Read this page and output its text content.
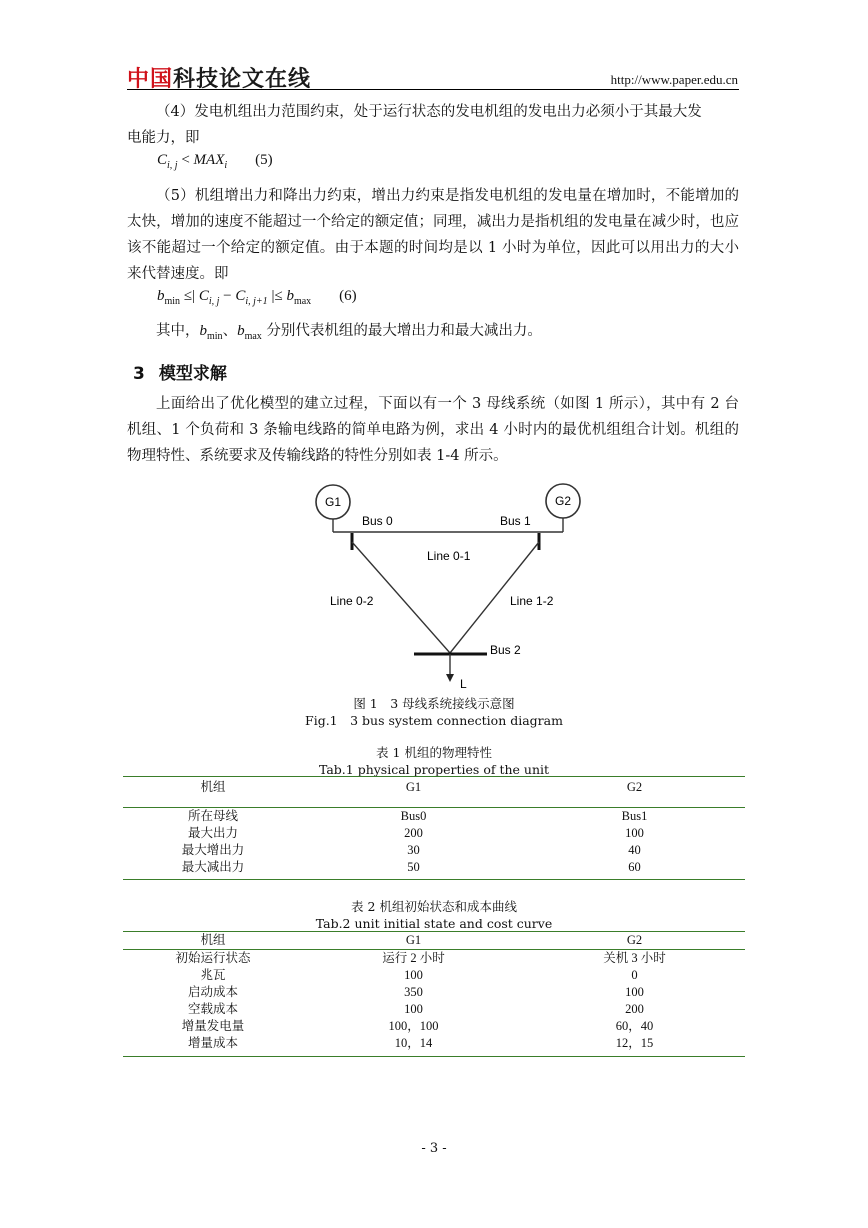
中国科技论文在线	http://www.paper.edu.cn
（4）发电机组出力范围约束，处于运行状态的发电机组的发电出力必须小于其最大发
电能力，即
$C_{i, j} < MAX_i$ (5)

（5）机组增出力和降出力约束，增出力约束是指发电机组的发电量在增加时，不能增加的太快，增加的速度不能超过一个给定的额定值；同理，减出力是指机组的发电量在减少时，也应该不能超过一个给定的额定值。由于本题的时间均是以 1 小时为单位，因此可以用出力的大小来代替速度。即

$b_{min}$ ≤| $C_{i, j} - C_{i, j+1}$ |≤ $b_{max}$ (6)
其中，$b_{min}$、$b_{max}$ 分别代表机组的最大增出力和最大减出力。
3 模型求解

上面给出了优化模型的建立过程，下面以有一个 3 母线系统（如图 1 所示），其中有 2 台机组、1 个负荷和 3 条输电线路的简单电路为例，求出 4 小时内的最优机组组合计划。机组的物理特性、系统要求及传输线路的特性分别如表 1-4 所示。

G1	G2
Bus 0	Bus 1
Line 0-1
Line 0-2	Line 1-2
Bus 2
L
图 1　3 母线系统接线示意图
Fig.1　3 bus system connection diagram
表 1 机组的物理特性
Tab.1 physical properties of the unit
机组	G1	G2
所在母线	Bus0	Bus1
最大出力	200	100
最大增出力	30	40
最大减出力	50	60
表 2 机组初始状态和成本曲线
Tab.2 unit initial state and cost curve
机组	G1	G2
初始运行状态	运行 2 小时	关机 3 小时
兆瓦	100	0
启动成本	350	100
空载成本	100	200
增量发电量	100，100	60，40
增量成本	10，14	12，15
- 3 -
